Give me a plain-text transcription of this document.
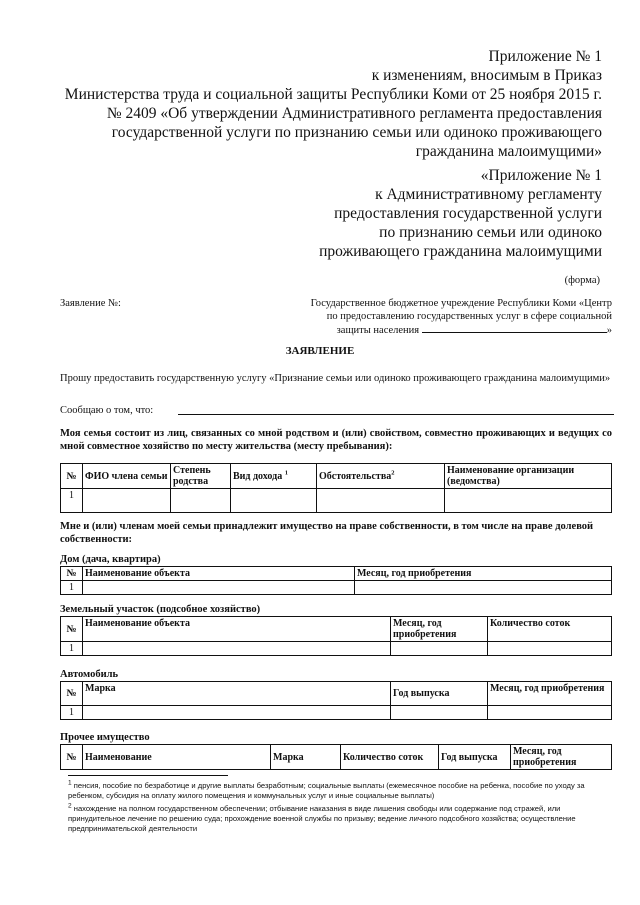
Приложение № 1
к изменениям, вносимым в Приказ
Министерства труда и социальной защиты Республики Коми от 25 ноября 2015 г.
№ 2409 «Об утверждении Административного регламента предоставления
государственной услуги по признанию семьи или одиноко проживающего
гражданина малоимущими»
«Приложение № 1
к Административному регламенту
предоставления государственной услуги
по признанию семьи или одиноко
проживающего гражданина малоимущими
(форма)
Заявление №:	Государственное бюджетное учреждение Республики Коми «Центр
по предоставлению государственных услуг в сфере социальной
защиты населения	»
ЗАЯВЛЕНИЕ
Прошу предоставить государственную услугу «Признание семьи или одиноко проживающего гражданина малоимущими»
Сообщаю о том, что:
Моя семья состоит из лиц, связанных со мной родством и (или) свойством, совместно проживающих и ведущих со мной совместное хозяйство по месту жительства (месту пребывания):
№	ФИО члена семьи	Степень родства	Вид дохода $^1$	Обстоятельства$^2$	Наименование организации (ведомства)
1					
Мне и (или) членам моей семьи принадлежит имущество на праве собственности, в том числе на праве долевой собственности:
Дом (дача, квартира)
№	Наименование объекта	Месяц, год приобретения
1		
Земельный участок (подсобное хозяйство)
№	Наименование объекта	Месяц, год приобретения	Количество соток
1			
Автомобиль
№	Марка	Год выпуска	Месяц, год приобретения
1			
Прочее имущество
№	Наименование	Марка	Количество соток	Год выпуска	Месяц, год приобретения
$^1$ пенсия, пособие по безработице и другие выплаты безработным; социальные выплаты (ежемесячное пособие на ребенка, пособие по уходу за ребенком, субсидия на оплату жилого помещения и коммунальных услуг и иные социальные выплаты)
$^2$ нахождение на полном государственном обеспечении; отбывание наказания в виде лишения свободы или содержание под стражей, или принудительное лечение по решению суда; прохождение военной службы по призыву; ведение личного подсобного хозяйства; осуществление предпринимательской деятельности
